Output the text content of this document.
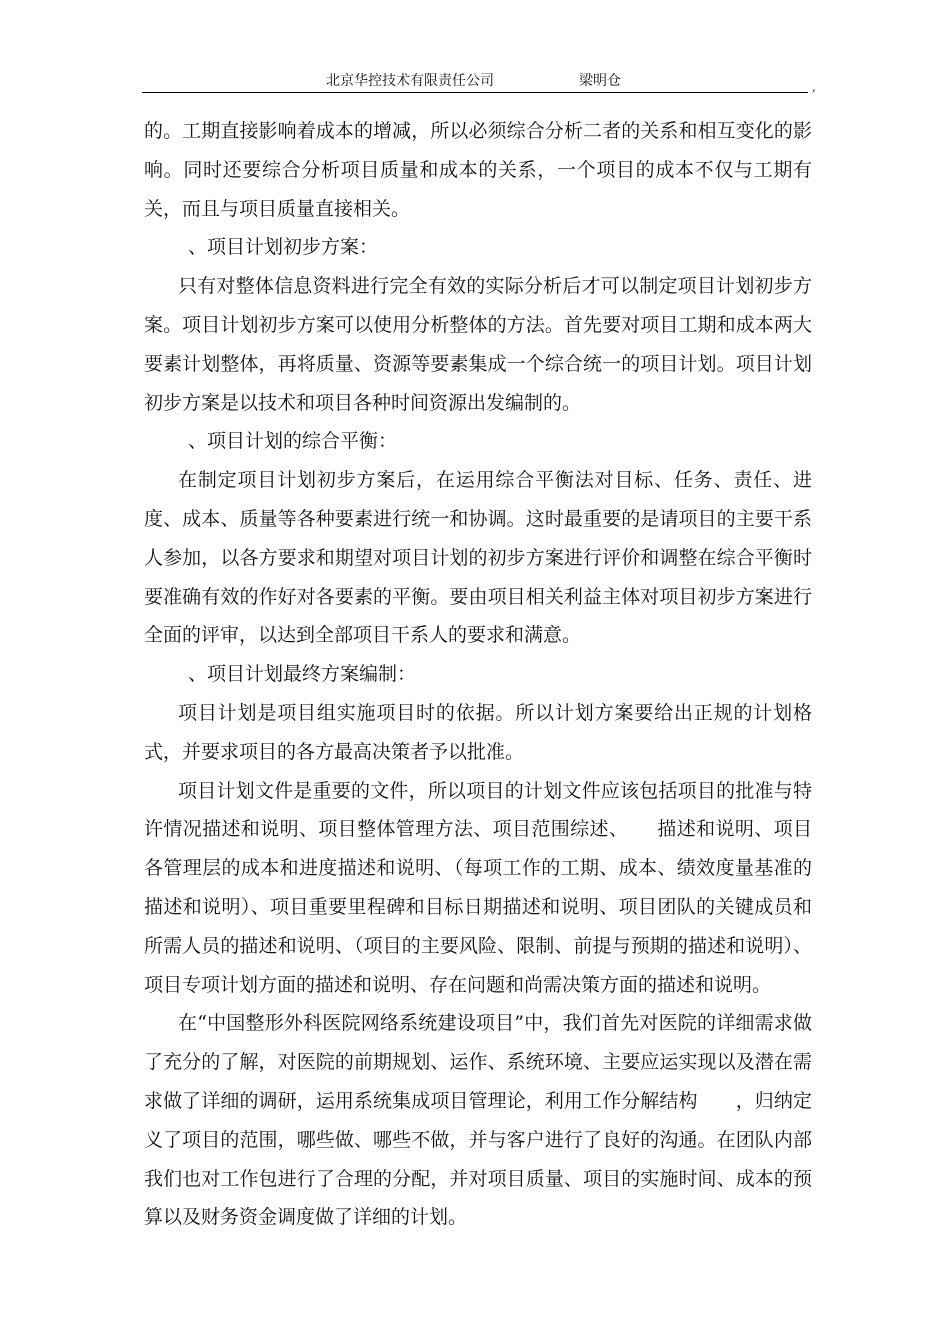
北京华控技术有限责任公司	梁明仓	,

的。工期直接影响着成本的增减，所以必须综合分析二者的关系和相互变化的影响。同时还要综合分析项目质量和成本的关系，一个项目的成本不仅与工期有关，而且与项目质量直接相关。

、项目计划初步方案：

只有对整体信息资料进行完全有效的实际分析后才可以制定项目计划初步方案。项目计划初步方案可以使用分析整体的方法。首先要对项目工期和成本两大要素计划整体，再将质量、资源等要素集成一个综合统一的项目计划。项目计划初步方案是以技术和项目各种时间资源出发编制的。

、项目计划的综合平衡：

在制定项目计划初步方案后，在运用综合平衡法对目标、任务、责任、进度、成本、质量等各种要素进行统一和协调。这时最重要的是请项目的主要干系人参加，以各方要求和期望对项目计划的初步方案进行评价和调整在综合平衡时要准确有效的作好对各要素的平衡。要由项目相关利益主体对项目初步方案进行全面的评审，以达到全部项目干系人的要求和满意。

、项目计划最终方案编制：

项目计划是项目组实施项目时的依据。所以计划方案要给出正规的计划格式，并要求项目的各方最高决策者予以批准。

项目计划文件是重要的文件，所以项目的计划文件应该包括项目的批准与特许情况描述和说明、项目整体管理方法、项目范围综述、　　描述和说明、项目各管理层的成本和进度描述和说明、（每项工作的工期、成本、绩效度量基准的描述和说明）、项目重要里程碑和目标日期描述和说明、项目团队的关键成员和所需人员的描述和说明、（项目的主要风险、限制、前提与预期的描述和说明）、项目专项计划方面的描述和说明、存在问题和尚需决策方面的描述和说明。

在“中国整形外科医院网络系统建设项目”中，我们首先对医院的详细需求做了充分的了解，对医院的前期规划、运作、系统环境、主要应运实现以及潜在需求做了详细的调研，运用系统集成项目管理论，利用工作分解结构　　，归纳定义了项目的范围，哪些做、哪些不做，并与客户进行了良好的沟通。在团队内部我们也对工作包进行了合理的分配，并对项目质量、项目的实施时间、成本的预算以及财务资金调度做了详细的计划。
